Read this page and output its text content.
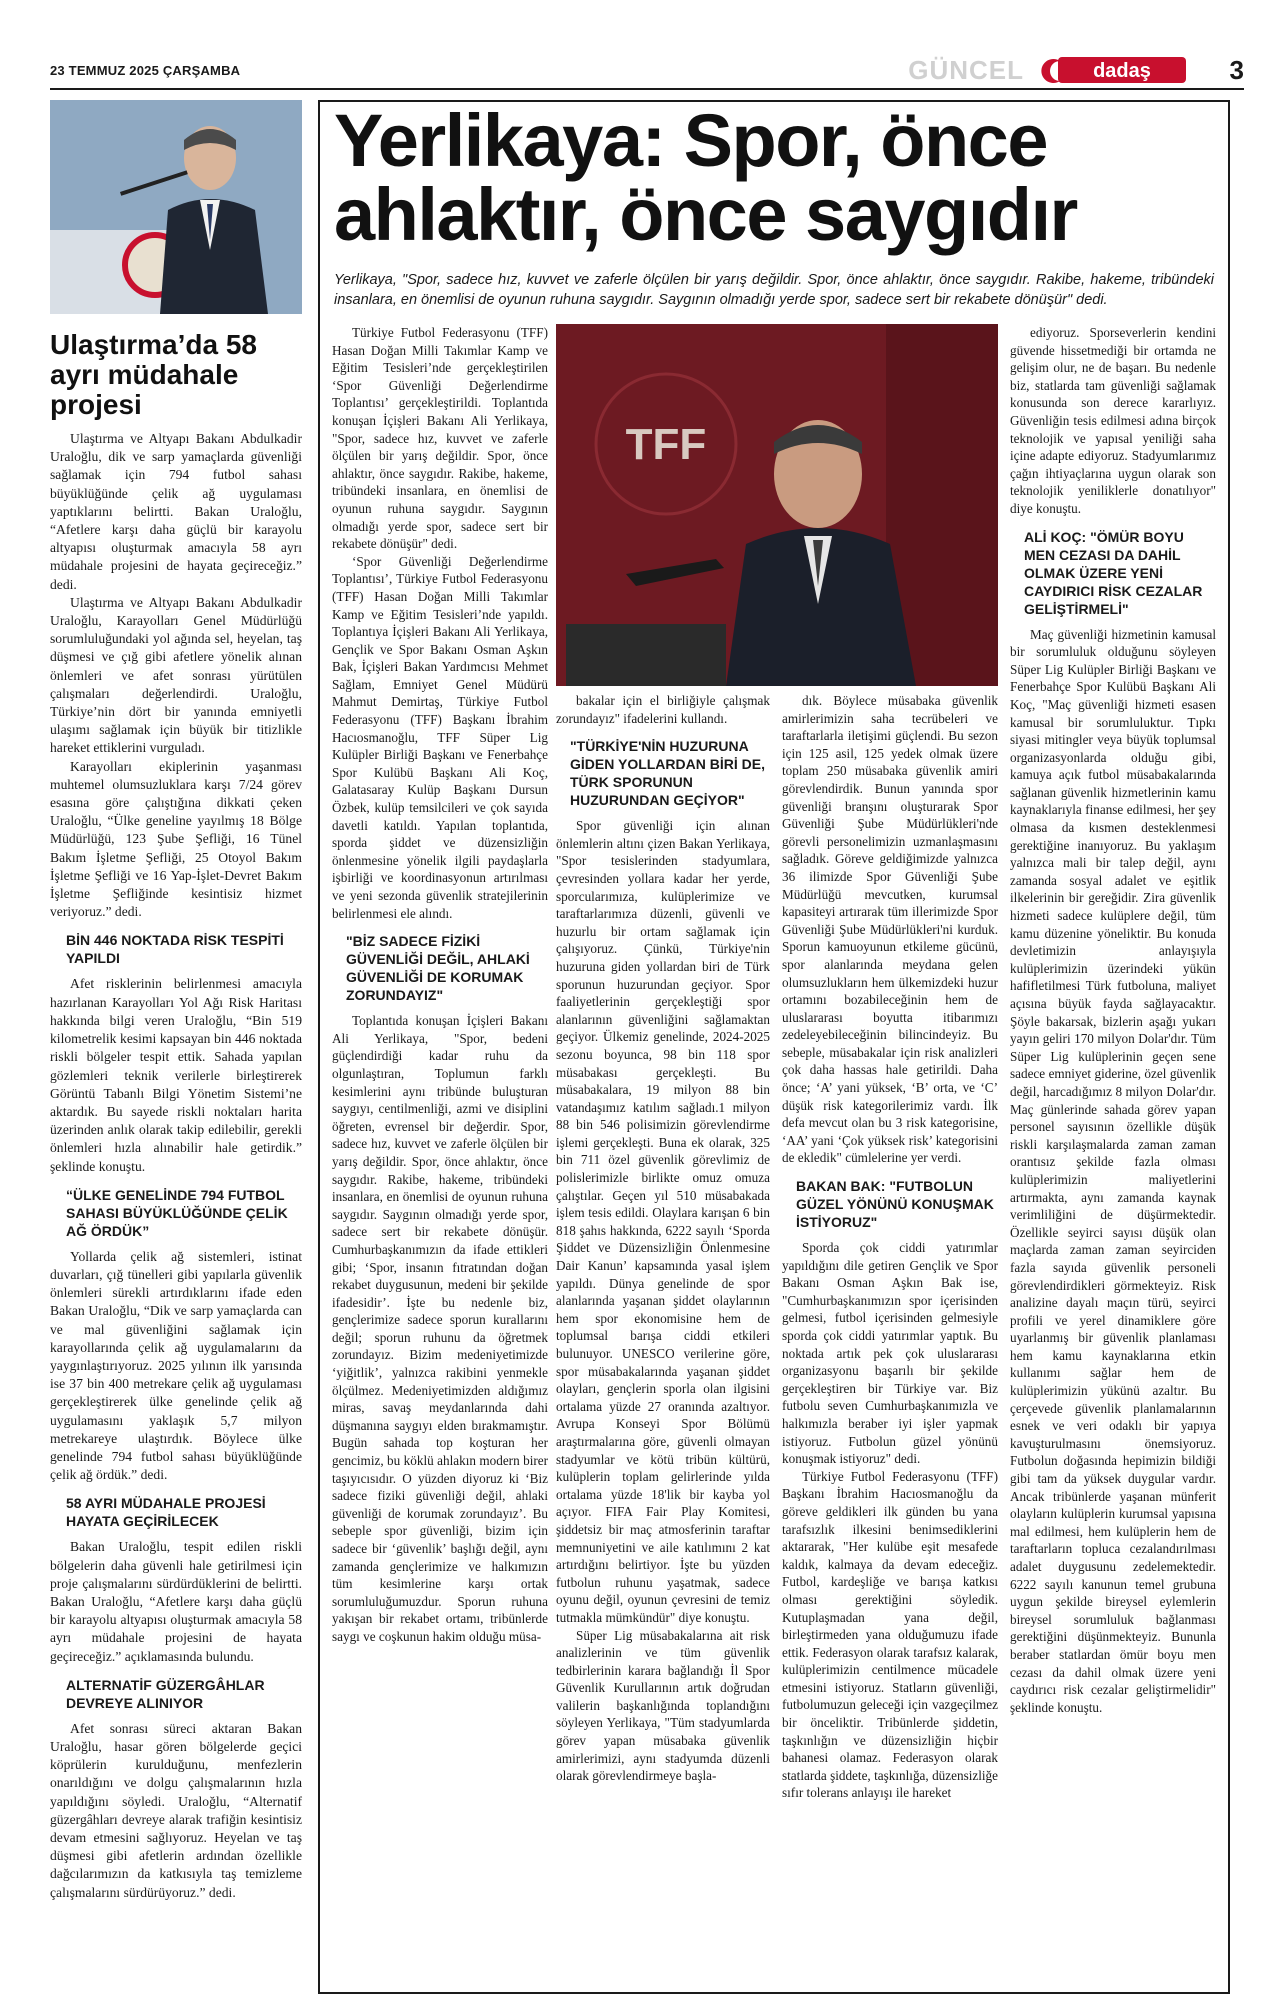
23 TEMMUZ 2025 ÇARŞAMBA	GÜNCEL	dadaş	3
Ulaştırma’da 58 ayrı müdahale projesi

Ulaştırma ve Altyapı Bakanı Abdulkadir Uraloğlu, dik ve sarp yamaçlarda güvenliği sağlamak için 794 futbol sahası büyüklüğünde çelik ağ uygulaması yaptıklarını belirtti. Bakan Uraloğlu, “Afetlere karşı daha güçlü bir karayolu altyapısı oluşturmak amacıyla 58 ayrı müdahale projesini de hayata geçireceğiz.” dedi.

Ulaştırma ve Altyapı Bakanı Abdulkadir Uraloğlu, Karayolları Genel Müdürlüğü sorumluluğundaki yol ağında sel, heyelan, taş düşmesi ve çığ gibi afetlere yönelik alınan önlemleri ve afet sonrası yürütülen çalışmaları değerlendirdi. Uraloğlu, Türkiye’nin dört bir yanında emniyetli ulaşımı sağlamak için büyük bir titizlikle hareket ettiklerini vurguladı.

Karayolları ekiplerinin yaşanması muhtemel olumsuzluklara karşı 7/24 görev esasına göre çalıştığına dikkati çeken Uraloğlu, “Ülke geneline yayılmış 18 Bölge Müdürlüğü, 123 Şube Şefliği, 16 Tünel Bakım İşletme Şefliği, 25 Otoyol Bakım İşletme Şefliği ve 16 Yap-İşlet-Devret Bakım İşletme Şefliğinde kesintisiz hizmet veriyoruz.” dedi.

BİN 446 NOKTADA RİSK TESPİTİ YAPILDI

Afet risklerinin belirlenmesi amacıyla hazırlanan Karayolları Yol Ağı Risk Haritası hakkında bilgi veren Uraloğlu, “Bin 519 kilometrelik kesimi kapsayan bin 446 noktada riskli bölgeler tespit ettik. Sahada yapılan gözlemleri teknik verilerle birleştirerek Görüntü Tabanlı Bilgi Yönetim Sistemi’ne aktardık. Bu sayede riskli noktaları harita üzerinden anlık olarak takip edilebilir, gerekli önlemleri hızla alınabilir hale getirdik.” şeklinde konuştu.

“ÜLKE GENELİNDE 794 FUTBOL SAHASI BÜYÜKLÜĞÜNDE ÇELİK AĞ ÖRDÜK”

Yollarda çelik ağ sistemleri, istinat duvarları, çığ tünelleri gibi yapılarla güvenlik önlemleri sürekli artırdıklarını ifade eden Bakan Uraloğlu, “Dik ve sarp yamaçlarda can ve mal güvenliğini sağlamak için karayollarında çelik ağ uygulamalarını da yaygınlaştırıyoruz. 2025 yılının ilk yarısında ise 37 bin 400 metrekare çelik ağ uygulaması gerçekleştirerek ülke genelinde çelik ağ uygulamasını yaklaşık 5,7 milyon metrekareye ulaştırdık. Böylece ülke genelinde 794 futbol sahası büyüklüğünde çelik ağ ördük.” dedi.

58 AYRI MÜDAHALE PROJESİ HAYATA GEÇİRİLECEK

Bakan Uraloğlu, tespit edilen riskli bölgelerin daha güvenli hale getirilmesi için proje çalışmalarını sürdürdüklerini de belirtti. Bakan Uraloğlu, “Afetlere karşı daha güçlü bir karayolu altyapısı oluşturmak amacıyla 58 ayrı müdahale projesini de hayata geçireceğiz.” açıklamasında bulundu.

ALTERNATİF GÜZERGÂHLAR DEVREYE ALINIYOR

Afet sonrası süreci aktaran Bakan Uraloğlu, hasar gören bölgelerde geçici köprülerin kurulduğunu, menfezlerin onarıldığını ve dolgu çalışmalarının hızla yapıldığını söyledi. Uraloğlu, “Alternatif güzergâhları devreye alarak trafiğin kesintisiz devam etmesini sağlıyoruz. Heyelan ve taş düşmesi gibi afetlerin ardından özellikle dağcılarımızın da katkısıyla taş temizleme çalışmalarını sürdürüyoruz.” dedi.

Yerlikaya: Spor, önce ahlaktır, önce saygıdır
Yerlikaya, "Spor, sadece hız, kuvvet ve zaferle ölçülen bir yarış değildir. Spor, önce ahlaktır, önce saygıdır. Rakibe, hakeme, tribündeki insanlara, en önemlisi de oyunun ruhuna saygıdır. Saygının olmadığı yerde spor, sadece sert bir rekabete dönüşür" dedi.

Türkiye Futbol Federasyonu (TFF) Hasan Doğan Milli Takımlar Kamp ve Eğitim Tesisleri’nde gerçekleştirilen ‘Spor Güvenliği Değerlendirme Toplantısı’ gerçekleştirildi. Toplantıda konuşan İçişleri Bakanı Ali Yerlikaya, "Spor, sadece hız, kuvvet ve zaferle ölçülen bir yarış değildir. Spor, önce ahlaktır, önce saygıdır. Rakibe, hakeme, tribündeki insanlara, en önemlisi de oyunun ruhuna saygıdır. Saygının olmadığı yerde spor, sadece sert bir rekabete dönüşür" dedi.

‘Spor Güvenliği Değerlendirme Toplantısı’, Türkiye Futbol Federasyonu (TFF) Hasan Doğan Milli Takımlar Kamp ve Eğitim Tesisleri’nde yapıldı. Toplantıya İçişleri Bakanı Ali Yerlikaya, Gençlik ve Spor Bakanı Osman Aşkın Bak, İçişleri Bakan Yardımcısı Mehmet Sağlam, Emniyet Genel Müdürü Mahmut Demirtaş, Türkiye Futbol Federasyonu (TFF) Başkanı İbrahim Hacıosmanoğlu, TFF Süper Lig Kulüpler Birliği Başkanı ve Fenerbahçe Spor Kulübü Başkanı Ali Koç, Galatasaray Kulüp Başkanı Dursun Özbek, kulüp temsilcileri ve çok sayıda davetli katıldı. Yapılan toplantıda, sporda şiddet ve düzensizliğin önlenmesine yönelik ilgili paydaşlarla işbirliği ve koordinasyonun artırılması ve yeni sezonda güvenlik stratejilerinin belirlenmesi ele alındı.

"BİZ SADECE FİZİKİ GÜVENLİĞİ DEĞİL, AHLAKİ GÜVENLİĞİ DE KORUMAK ZORUNDAYIZ"

Toplantıda konuşan İçişleri Bakanı Ali Yerlikaya, "Spor, bedeni güçlendirdiği kadar ruhu da olgunlaştıran, Toplumun farklı kesimlerini aynı tribünde buluşturan saygıyı, centilmenliği, azmi ve disiplini öğreten, evrensel bir değerdir. Spor, sadece hız, kuvvet ve zaferle ölçülen bir yarış değildir. Spor, önce ahlaktır, önce saygıdır. Rakibe, hakeme, tribündeki insanlara, en önemlisi de oyunun ruhuna saygıdır. Saygının olmadığı yerde spor, sadece sert bir rekabete dönüşür. Cumhurbaşkanımızın da ifade ettikleri gibi; ‘Spor, insanın fıtratından doğan rekabet duygusunun, medeni bir şekilde ifadesidir’. İşte bu nedenle biz, gençlerimize sadece sporun kurallarını değil; sporun ruhunu da öğretmek zorundayız. Bizim medeniyetimizde ‘yiğitlik’, yalnızca rakibini yenmekle ölçülmez. Medeniyetimizden aldığımız miras, savaş meydanlarında dahi düşmanına saygıyı elden bırakmamıştır. Bugün sahada top koşturan her gencimiz, bu köklü ahlakın modern birer taşıyıcısıdır. O yüzden diyoruz ki ‘Biz sadece fiziki güvenliği değil, ahlaki güvenliği de korumak zorundayız’. Bu sebeple spor güvenliği, bizim için sadece bir ‘güvenlik’ başlığı değil, aynı zamanda gençlerimize ve halkımızın tüm kesimlerine karşı ortak sorumluluğumuzdur. Sporun ruhuna yakışan bir rekabet ortamı, tribünlerde saygı ve coşkunun hakim olduğu müsa-

TFF

bakalar için el birliğiyle çalışmak zorundayız" ifadelerini kullandı.

"TÜRKİYE'NİN HUZURUNA GİDEN YOLLARDAN BİRİ DE, TÜRK SPORUNUN HUZURUNDAN GEÇİYOR"

Spor güvenliği için alınan önlemlerin altını çizen Bakan Yerlikaya, "Spor tesislerinden stadyumlara, çevresinden yollara kadar her yerde, sporcularımıza, kulüplerimize ve taraftarlarımıza düzenli, güvenli ve huzurlu bir ortam sağlamak için çalışıyoruz. Çünkü, Türkiye'nin huzuruna giden yollardan biri de Türk sporunun huzurundan geçiyor. Spor faaliyetlerinin gerçekleştiği spor alanlarının güvenliğini sağlamaktan geçiyor. Ülkemiz genelinde, 2024-2025 sezonu boyunca, 98 bin 118 spor müsabakası gerçekleşti. Bu müsabakalara, 19 milyon 88 bin vatandaşımız katılım sağladı.1 milyon 88 bin 546 polisimizin görevlendirme işlemi gerçekleşti. Buna ek olarak, 325 bin 711 özel güvenlik görevlimiz de polislerimizle birlikte omuz omuza çalıştılar. Geçen yıl 510 müsabakada işlem tesis edildi. Olaylara karışan 6 bin 818 şahıs hakkında, 6222 sayılı ‘Sporda Şiddet ve Düzensizliğin Önlenmesine Dair Kanun’ kapsamında yasal işlem yapıldı. Dünya genelinde de spor alanlarında yaşanan şiddet olaylarının hem spor ekonomisine hem de toplumsal barışa ciddi etkileri bulunuyor. UNESCO verilerine göre, spor müsabakalarında yaşanan şiddet olayları, gençlerin sporla olan ilgisini ortalama yüzde 27 oranında azaltıyor. Avrupa Konseyi Spor Bölümü araştırmalarına göre, güvenli olmayan stadyumlar ve kötü tribün kültürü, kulüplerin toplam gelirlerinde yılda ortalama yüzde 18'lik bir kayba yol açıyor. FIFA Fair Play Komitesi, şiddetsiz bir maç atmosferinin taraftar memnuniyetini ve aile katılımını 2 kat artırdığını belirtiyor. İşte bu yüzden futbolun ruhunu yaşatmak, sadece oyunu değil, oyunun çevresini de temiz tutmakla mümkündür" diye konuştu.

Süper Lig müsabakalarına ait risk analizlerinin ve tüm güvenlik tedbirlerinin karara bağlandığı İl Spor Güvenlik Kurullarının artık doğrudan valilerin başkanlığında toplandığını söyleyen Yerlikaya, "Tüm stadyumlarda görev yapan müsabaka güvenlik amirlerimizi, aynı stadyumda düzenli olarak görevlendirmeye başla-

dık. Böylece müsabaka güvenlik amirlerimizin saha tecrübeleri ve taraftarlarla iletişimi güçlendi. Bu sezon için 125 asil, 125 yedek olmak üzere toplam 250 müsabaka güvenlik amiri görevlendirdik. Bunun yanında spor güvenliği branşını oluşturarak Spor Güvenliği Şube Müdürlükleri'nde görevli personelimizin uzmanlaşmasını sağladık. Göreve geldiğimizde yalnızca 36 ilimizde Spor Güvenliği Şube Müdürlüğü mevcutken, kurumsal kapasiteyi artırarak tüm illerimizde Spor Güvenliği Şube Müdürlükleri'ni kurduk. Sporun kamuoyunun etkileme gücünü, spor alanlarında meydana gelen olumsuzlukların hem ülkemizdeki huzur ortamını bozabileceğinin hem de uluslararası boyutta itibarımızı zedeleyebileceğinin bilincindeyiz. Bu sebeple, müsabakalar için risk analizleri çok daha hassas hale getirildi. Daha önce; ‘A’ yani yüksek, ‘B’ orta, ve ‘C’ düşük risk kategorilerimiz vardı. İlk defa mevcut olan bu 3 risk kategorisine, ‘AA’ yani ‘Çok yüksek risk’ kategorisini de ekledik" cümlelerine yer verdi.

BAKAN BAK: "FUTBOLUN GÜZEL YÖNÜNÜ KONUŞMAK İSTİYORUZ"

Sporda çok ciddi yatırımlar yapıldığını dile getiren Gençlik ve Spor Bakanı Osman Aşkın Bak ise, "Cumhurbaşkanımızın spor içerisinden gelmesi, futbol içerisinden gelmesiyle sporda çok ciddi yatırımlar yaptık. Bu noktada artık pek çok uluslararası organizasyonu başarılı bir şekilde gerçekleştiren bir Türkiye var. Biz futbolu seven Cumhurbaşkanımızla ve halkımızla beraber iyi işler yapmak istiyoruz. Futbolun güzel yönünü konuşmak istiyoruz" dedi.

Türkiye Futbol Federasyonu (TFF) Başkanı İbrahim Hacıosmanoğlu da göreve geldikleri ilk günden bu yana tarafsızlık ilkesini benimsediklerini aktararak, "Her kulübe eşit mesafede kaldık, kalmaya da devam edeceğiz. Futbol, kardeşliğe ve barışa katkısı olması gerektiğini söyledik. Kutuplaşmadan yana değil, birleştirmeden yana olduğumuzu ifade ettik. Federasyon olarak tarafsız kalarak, kulüplerimizin centilmence mücadele etmesini istiyoruz. Statların güvenliği, futbolumuzun geleceği için vazgeçilmez bir önceliktir. Tribünlerde şiddetin, taşkınlığın ve düzensizliğin hiçbir bahanesi olamaz. Federasyon olarak statlarda şiddete, taşkınlığa, düzensizliğe sıfır tolerans anlayışı ile hareket

ediyoruz. Sporseverlerin kendini güvende hissetmediği bir ortamda ne gelişim olur, ne de başarı. Bu nedenle biz, statlarda tam güvenliği sağlamak konusunda son derece kararlıyız. Güvenliğin tesis edilmesi adına birçok teknolojik ve yapısal yeniliği saha içine adapte ediyoruz. Stadyumlarımız çağın ihtiyaçlarına uygun olarak son teknolojik yeniliklerle donatılıyor" diye konuştu.

ALİ KOÇ: "ÖMÜR BOYU MEN CEZASI DA DAHİL OLMAK ÜZERE YENİ CAYDIRICI RİSK CEZALAR GELİŞTİRMELİ"

Maç güvenliği hizmetinin kamusal bir sorumluluk olduğunu söyleyen Süper Lig Kulüpler Birliği Başkanı ve Fenerbahçe Spor Kulübü Başkanı Ali Koç, "Maç güvenliği hizmeti esasen kamusal bir sorumluluktur. Tıpkı siyasi mitingler veya büyük toplumsal organizasyonlarda olduğu gibi, kamuya açık futbol müsabakalarında sağlanan güvenlik hizmetlerinin kamu kaynaklarıyla finanse edilmesi, her şey olmasa da kısmen desteklenmesi gerektiğine inanıyoruz. Bu yaklaşım yalnızca mali bir talep değil, aynı zamanda sosyal adalet ve eşitlik ilkelerinin bir gereğidir. Zira güvenlik hizmeti sadece kulüplere değil, tüm kamu düzenine yöneliktir. Bu konuda devletimizin anlayışıyla kulüplerimizin üzerindeki yükün hafifletilmesi Türk futboluna, maliyet açısına büyük fayda sağlayacaktır. Şöyle bakarsak, bizlerin aşağı yukarı yayın geliri 170 milyon Dolar'dır. Tüm Süper Lig kulüplerinin geçen sene sadece emniyet giderine, özel güvenlik değil, harcadığımız 8 milyon Dolar'dır. Maç günlerinde sahada görev yapan personel sayısının özellikle düşük riskli karşılaşmalarda zaman zaman orantısız şekilde fazla olması kulüplerimizin maliyetlerini artırmakta, aynı zamanda kaynak verimliliğini de düşürmektedir. Özellikle seyirci sayısı düşük olan maçlarda zaman zaman seyirciden fazla sayıda güvenlik personeli görevlendirdikleri görmekteyiz. Risk analizine dayalı maçın türü, seyirci profili ve yerel dinamiklere göre uyarlanmış bir güvenlik planlaması hem kamu kaynaklarına etkin kullanımı sağlar hem de kulüplerimizin yükünü azaltır. Bu çerçevede güvenlik planlamalarının esnek ve veri odaklı bir yapıya kavuşturulmasını önemsiyoruz. Futbolun doğasında hepimizin bildiği gibi tam da yüksek duygular vardır. Ancak tribünlerde yaşanan münferit olayların kulüplerin kurumsal yapısına mal edilmesi, hem kulüplerin hem de taraftarların topluca cezalandırılması adalet duygusunu zedelemektedir. 6222 sayılı kanunun temel grubuna uygun şekilde bireysel eylemlerin bireysel sorumluluk bağlanması gerektiğini düşünmekteyiz. Bununla beraber statlardan ömür boyu men cezası da dahil olmak üzere yeni caydırıcı risk cezalar geliştirmelidir" şeklinde konuştu.
